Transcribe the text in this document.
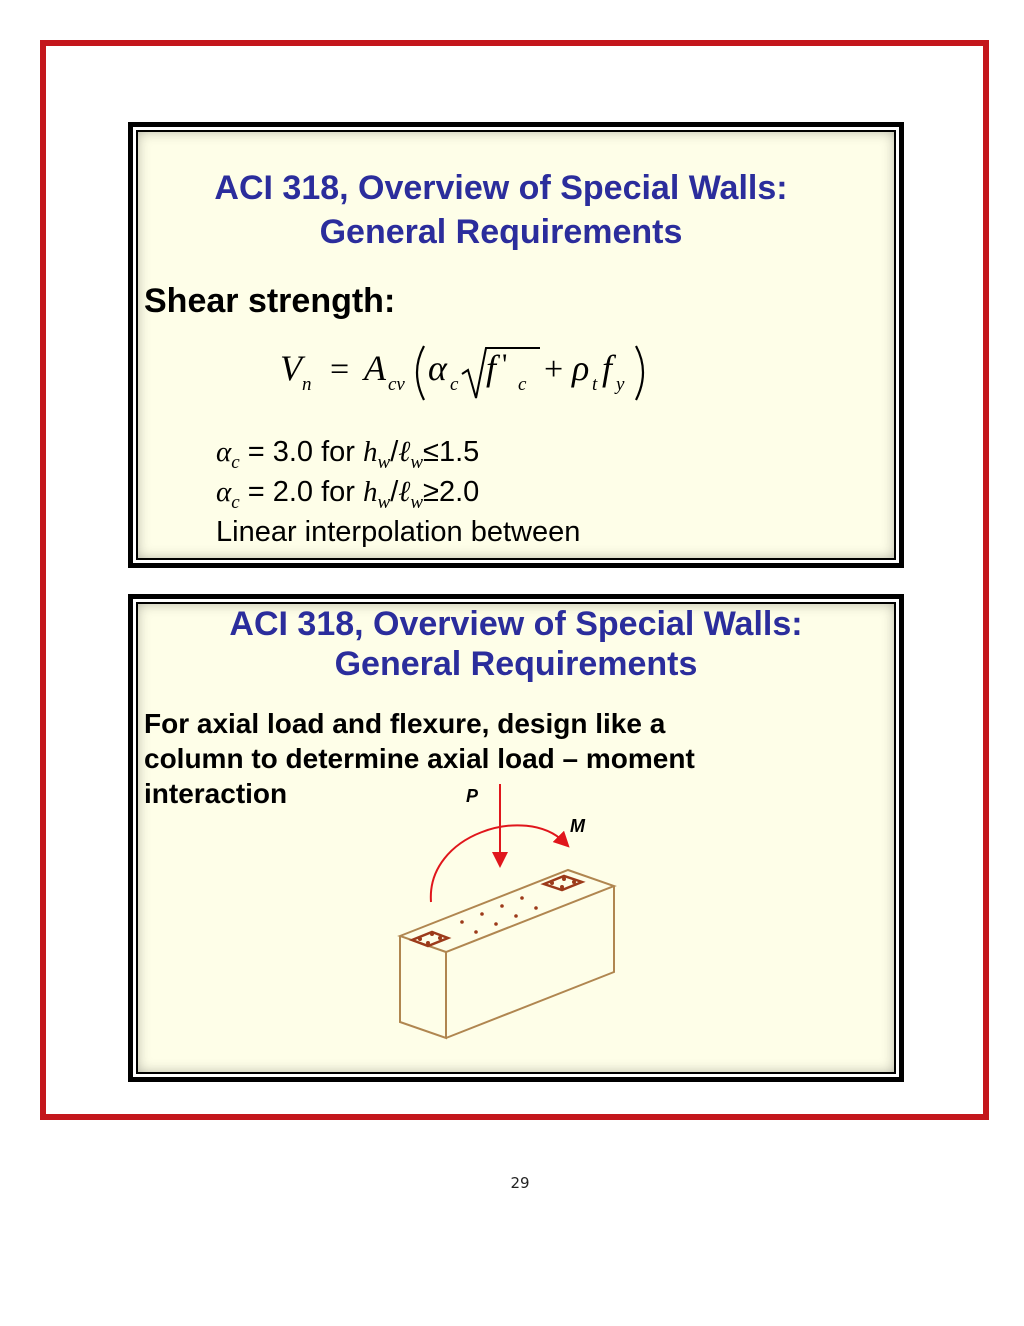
ACI 318, Overview of Special Walls:
General Requirements
Shear strength:
V n = A cv α c f '
c + ρ t f y
$\alpha_c = 3.0$ for $h_w/\ell_w\le 1.5$
$\alpha_c = 2.0$ for $h_w/\ell_w\ge 2.0$
Linear interpolation between
ACI 318, Overview of Special Walls:
General Requirements
For axial load and flexure, design like a
column to determine axial load – moment
interaction	P
M
29
